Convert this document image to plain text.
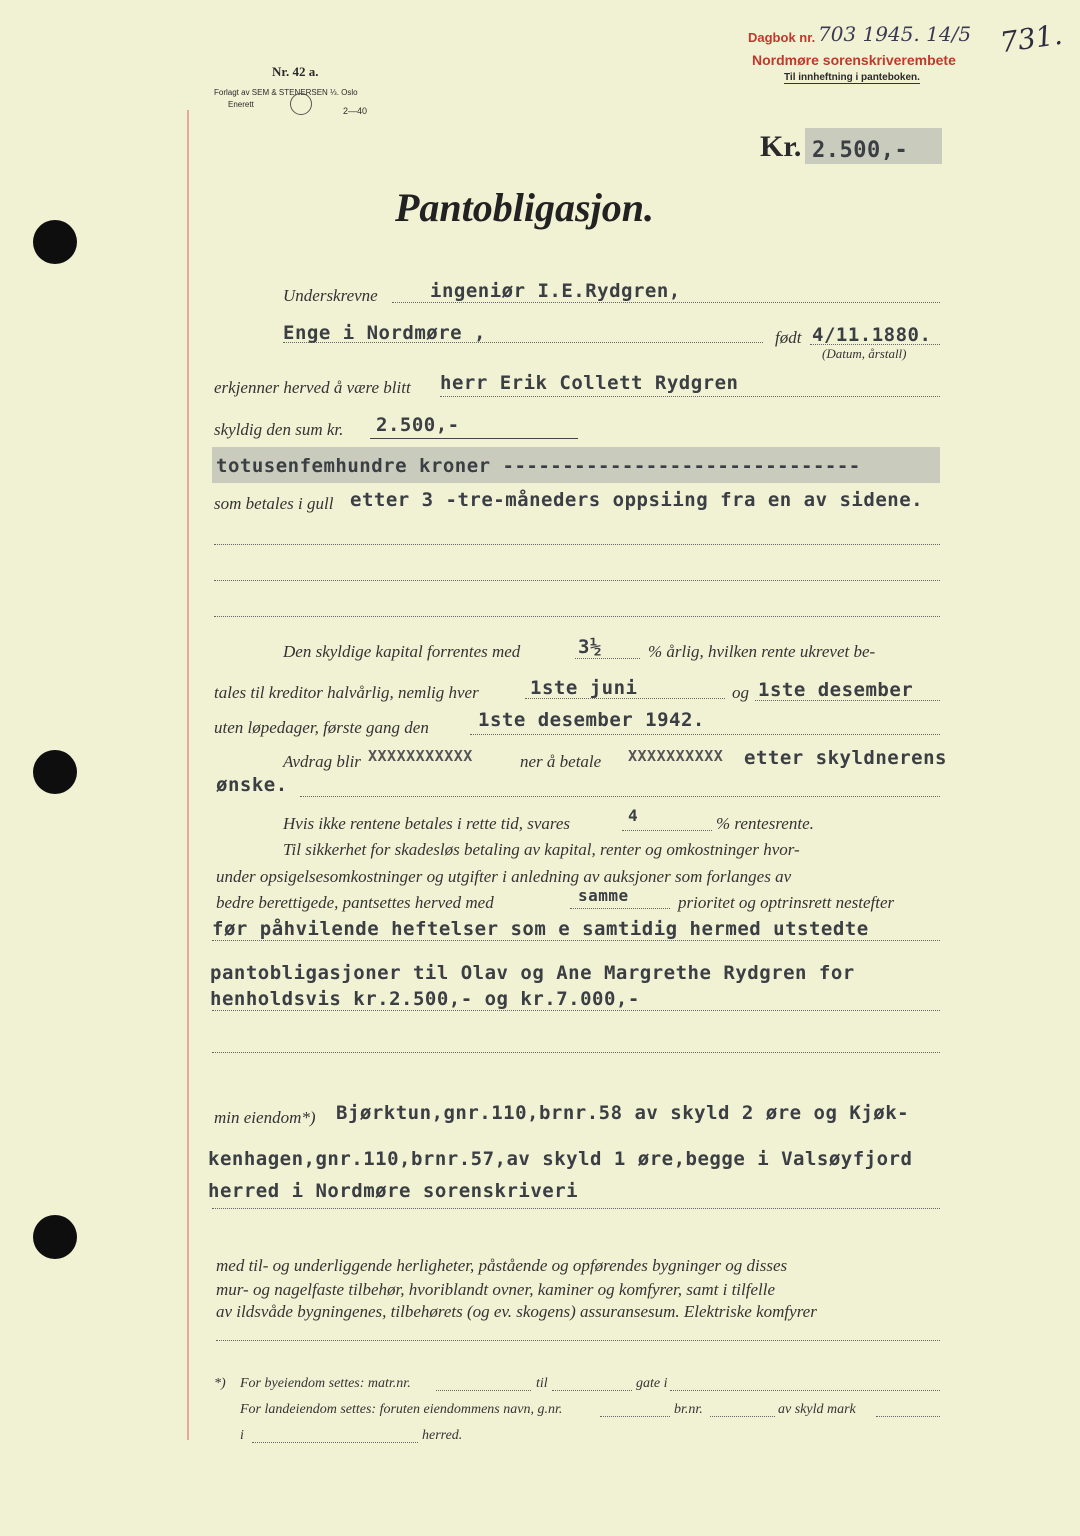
Nr. 42 a.
Forlagt av SEM & STENERSEN ⅓. Oslo
Enerett
2—40
Dagbok nr. 703 1945. 14/5 731.
Nordmøre sorenskriverembete
Til innheftning i panteboken.
Kr. 2.500,-
Pantobligasjon.
Underskrevne	ingeniør I.E.Rydgren,
Enge i Nordmøre ,	født 4/11.1880.
(Datum, årstall)
erkjenner herved å være blitt herr Erik Collett Rydgren
skyldig den sum kr. 2.500,-
totusenfemhundre kroner ------------------------------
som betales i gull etter 3 -tre-måneders oppsiing fra en av sidene.
Den skyldige kapital forrentes med	3½	% årlig, hvilken rente ukrevet be-
tales til kreditor halvårlig, nemlig hver	1ste juni	og 1ste desember
uten løpedager, første gang den	1ste desember 1942.
Avdrag blir XXXXXXXXXXX	ner å betale XXXXXXXXXX etter skyldnerens
ønske.
Hvis ikke rentene betales i rette tid, svares	4	% rentesrente.
Til sikkerhet for skadesløs betaling av kapital, renter og omkostninger hvor-
under opsigelsesomkostninger og utgifter i anledning av auksjoner som forlanges av
bedre berettigede, pantsettes herved med	samme	prioritet og optrinsrett nestefter
før påhvilende heftelser som e samtidig hermed utstedte
pantobligasjoner til Olav og Ane Margrethe Rydgren for
henholdsvis kr.2.500,- og kr.7.000,-
min eiendom*) Bjørktun,gnr.110,brnr.58 av skyld 2 øre og Kjøk-
kenhagen,gnr.110,brnr.57,av skyld 1 øre,begge i Valsøyfjord
herred i Nordmøre sorenskriveri
med til- og underliggende herligheter, påstående og opførendes bygninger og disses
mur- og nagelfaste tilbehør, hvoriblandt ovner, kaminer og komfyrer, samt i tilfelle
av ildsvåde bygningenes, tilbehørets (og ev. skogens) assuransesum. Elektriske komfyrer
*) For byeiendom settes: matr.nr.	til	gate i
For landeiendom settes: foruten eiendommens navn, g.nr.	br.nr.	av skyld mark
i	herred.
